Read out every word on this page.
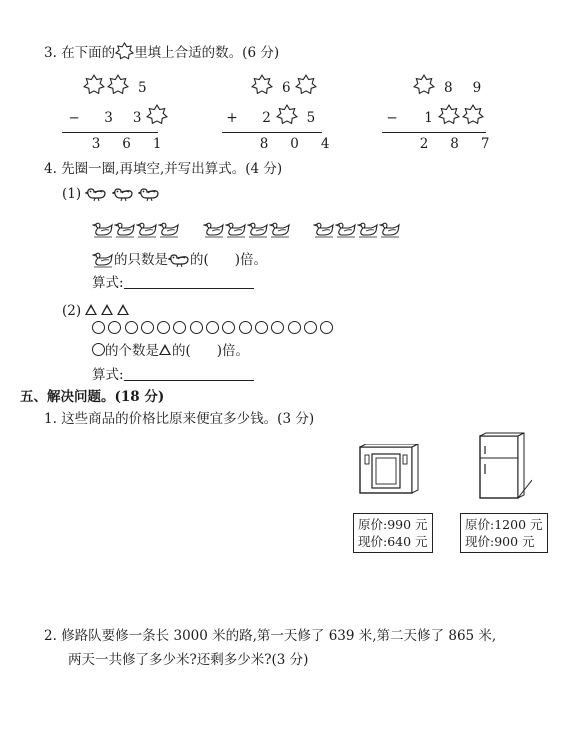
3. 在下面的 里填上合适的数。(6 分)
5
− 3 3
3 6 1
6
+ 2	5
8 0 4
8 9
− 1
2 8 7
4. 先圈一圈,再填空,并写出算式。(4 分)
(1)

的只数是 的( )倍。
算式:
(2)
的个数是 的( )倍。
算式:
五、解决问题。(18 分)
1. 这些商品的价格比原来便宜多少钱。(3 分)
原价:990 元
现价:640 元
原价:1200 元
现价:900 元
2. 修路队要修一条长 3000 米的路,第一天修了 639 米,第二天修了 865 米,
两天一共修了多少米?还剩多少米?(3 分)
